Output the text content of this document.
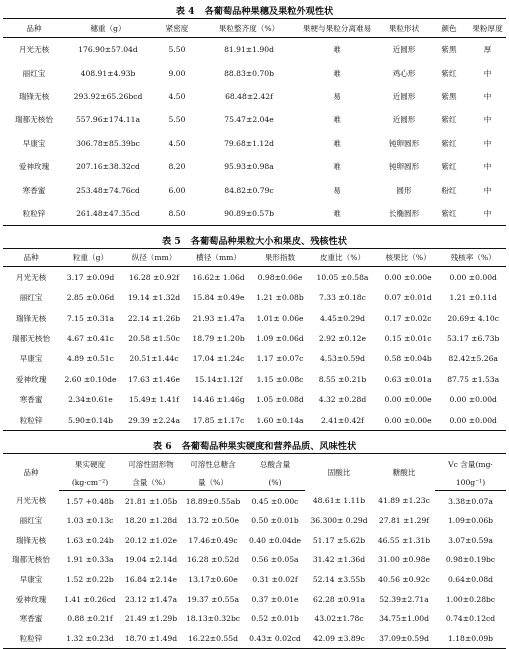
表 4 各葡萄品种果穗及果粒外观性状

品种	穗重（g）	紧密度	果粒整齐度（%）	果梗与果粒分离难易	果粒形状	颜色	果粉厚度
月光无核	176.90±57.04d	5.50	81.91±1.90d	难	近圆形	紫黑	厚
丽红宝	408.91±4.93b	9.00	88.83±0.70b	难	鸡心形	紫红	中
瑞锋无核	293.92±65.26bcd	4.50	68.48±2.42f	易	近圆形	紫黑	中
瑞都无核怡	557.96±174.11a	5.50	75.47±2.04e	难	近圆形	紫红	中
早康宝	306.78±85.39bc	4.50	79.68±1.12d	难	钝卵圆形	紫红	中
爱神玫瑰	207.16±38.32cd	8.20	95.93±0.98a	难	钝卵圆形	紫红	中
寒香蜜	253.48±74.76cd	6.00	84.82±0.79c	易	圆形	粉红	中
粒粒锌	261.48±47.35cd	8.50	90.89±0.57b	难	长椭圆形	紫红	中

表 5 各葡萄品种果粒大小和果皮、残核性状

品种	粒重（g）	纵径（mm）	横径（mm）	果形指数	皮重比（%）	核果比（%）	残核率（%）
月光无核	3.17 ±0.09d	16.28 ±0.92f	16.62± 1.06d	0.98±0.06e	10.05 ±0.58a	0.00 ±0.00e	0.00 ±0.00d
丽红宝	2.85 ±0.06d	19.14 ±1.32d	15.84 ±0.49e	1.21 ±0.08b	7.33 ±0.18c	0.07 ±0.01d	1.21 ±0.11d
瑞锋无核	7.15 ±0.31a	22.14 ±1.26b	21.93 ±1.47a	1.01± 0.06e	4.45±0.29d	0.17 ±0.02c	20.69± 4.10c
瑞都无核怡	4.67 ±0.41c	20.58 ±1.50c	18.79 ±1.20b	1.09 ±0.06d	2.92 ±0.12e	0.15 ±0.01c	53.17 ±6.73b
早康宝	4.89 ±0.51c	20.51±1.44c	17.04 ±1.24c	1.17 ±0.07c	4.53±0.59d	0.58 ±0.04b	82.42±5.26a
爱神玫瑰	2.60 ±0.10de	17.63 ±1.46e	15.14±1.12f	1.15 ±0.08c	8.55 ±0.21b	0.63 ±0.01a	87.75 ±1.53a
寒香蜜	2.34±0.61e	15.49± 1.41f	14.46 ±1.46g	1.05 ±0.08d	4.32 ±0.28d	0.00 ±0.00e	0.00 ±0.00d
粒粒锌	5.90±0.14b	29.39 ±2.24a	17.85 ±1.17c	1.60 ±0.14a	2.41±0.42f	0.00 ±0.00e	0.00 ±0.00d

表 6 各葡萄品种果实硬度和营养品质、风味性状

品种	果实硬度	可溶性固形物	可溶性总糖含	总酸含量	固酸比	糖酸比	Vc 含量(mg·
	(kg·cm⁻²)	含量（%）	量（%）	(%)			100g⁻¹)
月光无核	1.57 +0.48b	21.81 ±1.05b	18.89±0.55ab	0.45 ±0.00c	48.61± 1.11b	41.89 ±1.23c	3.38±0.07a
丽红宝	1.03 ±0.13c	18.20 ±1.28d	13.72 ±0.50e	0.50 ±0.01b	36.300± 0.29d	27.81 ±1.29f	1.09±0.06b
瑞锋无核	1.63 ±0.24b	20.12 ±1.02e	17.46±0.49c	0.40 ±0.04de	51.17 ±5.62b	46.55 ±1.31b	3.07±0.59a
瑞都无核怡	1.91 ±0.33a	19.04 ±2.14d	16.28 ±0.52d	0.56 ±0.05a	31.42 ±1.36d	31.00 ±0.98e	0.98±0.19bc
早康宝	1.52 ±0.22b	16.84 ±2.14e	13.17±0.60e	0.31 ±0.02f	52.14 ±3.55b	40.56 ±0.92c	0.64±0.08d
爱神玫瑰	1.41 ±0.26cd	23.12 ±1.47a	19.37 ±0.55a	0.37 ±0.01e	62.28 ±0.91a	52.39±2.71a	1.00±0.28bc
寒香蜜	0.88 ±0.21f	21.49 ±1.29b	18.13±0.32bc	0.52 ±0.01b	43.02±1.78c	34.75±1.00d	0.74±0.12cd
粒粒锌	1.32 ±0.23d	18.70 ±1.49d	16.22±0.55d	0.43± 0.02cd	42.09 ±3.89c	37.09±0.59d	1.18±0.09b
